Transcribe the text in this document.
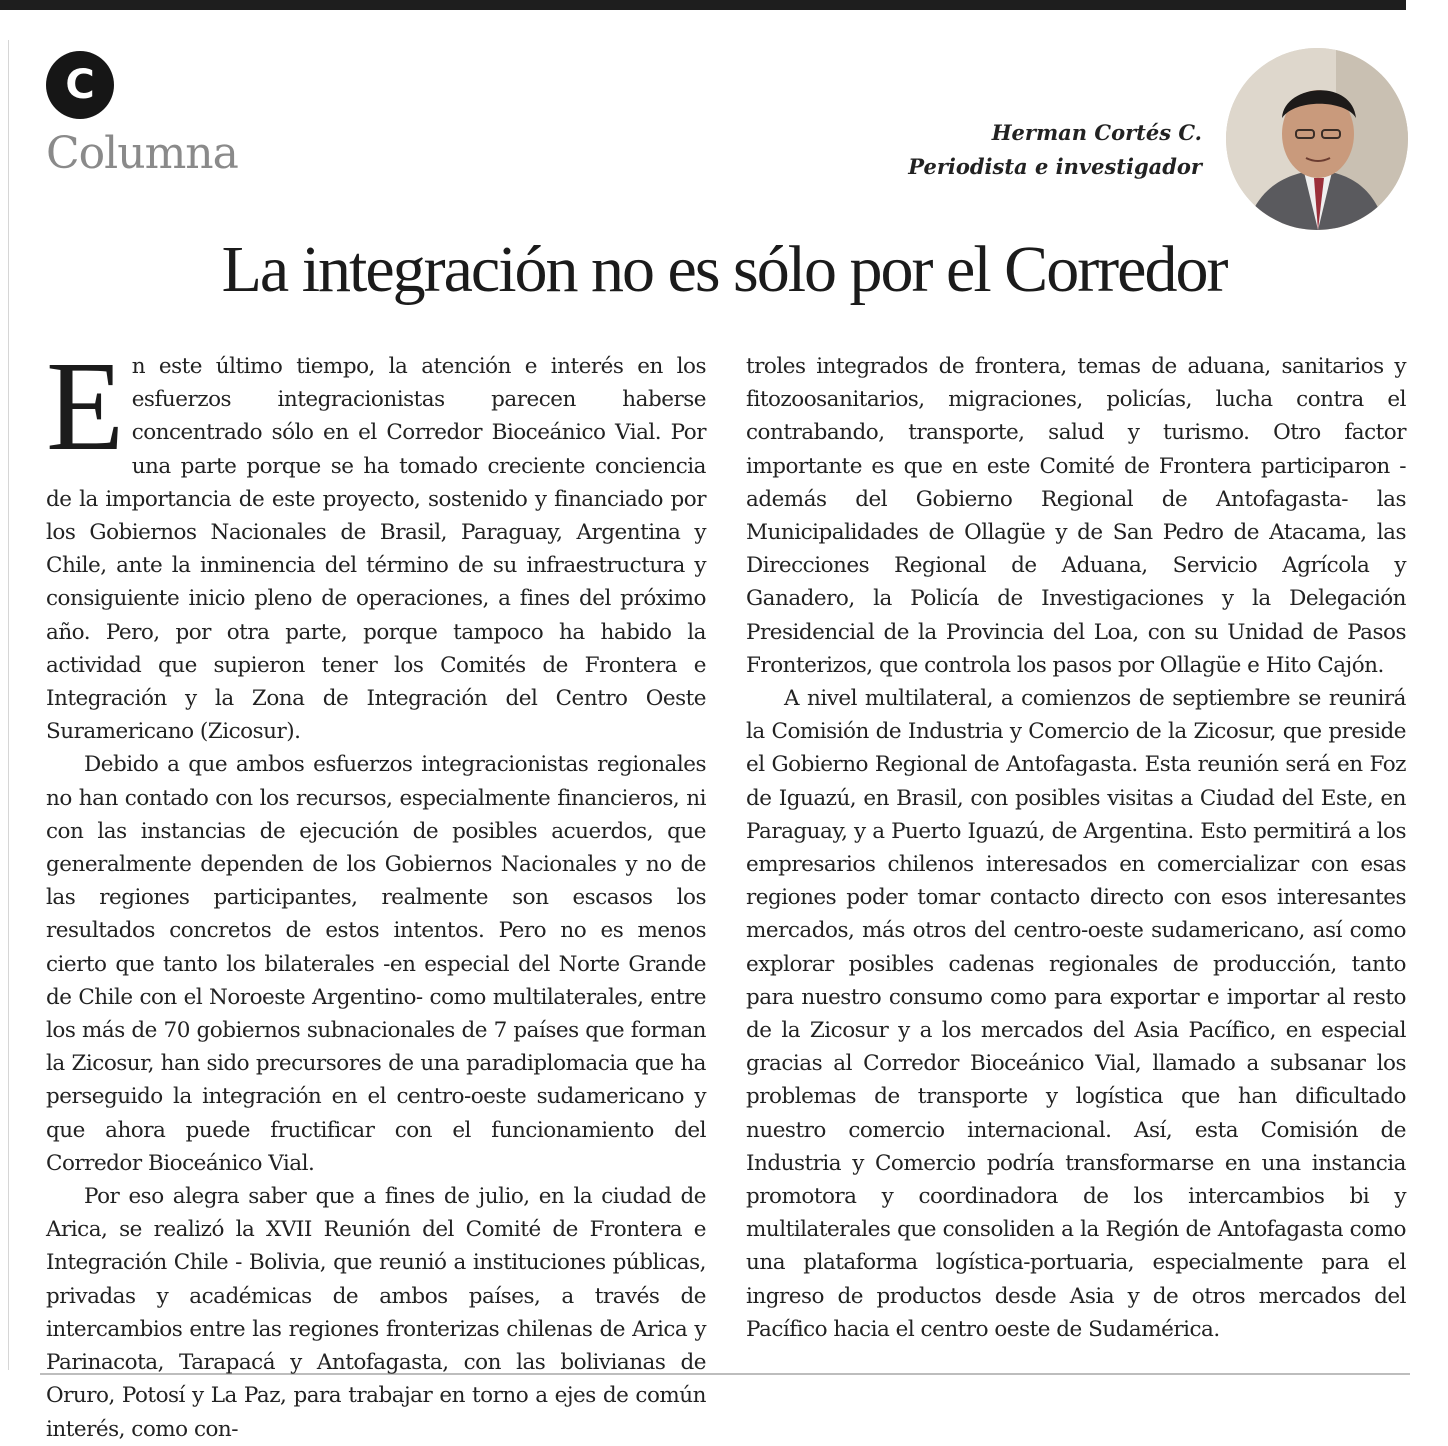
C
Columna	Herman Cortés C.
Periodista e investigador
La integración no es sólo por el Corredor

En este último tiempo, la atención e interés en los esfuerzos integracionistas parecen haberse concentrado sólo en el Corredor Bioceánico Vial. Por una parte porque se ha tomado creciente conciencia de la importancia de este proyecto, sostenido y financiado por los Gobiernos Nacionales de Brasil, Paraguay, Argentina y Chile, ante la inminencia del término de su infraestructura y consiguiente inicio pleno de operaciones, a fines del próximo año. Pero, por otra parte, porque tampoco ha habido la actividad que supieron tener los Comités de Frontera e Integración y la Zona de Integración del Centro Oeste Suramericano (Zicosur).

Debido a que ambos esfuerzos integracionistas regionales no han contado con los recursos, especialmente financieros, ni con las instancias de ejecución de posibles acuerdos, que generalmente dependen de los Gobiernos Nacionales y no de las regiones participantes, realmente son escasos los resultados concretos de estos intentos. Pero no es menos cierto que tanto los bilaterales -en especial del Norte Grande de Chile con el Noroeste Argentino- como multilaterales, entre los más de 70 gobiernos subnacionales de 7 países que forman la Zicosur, han sido precursores de una paradiplomacia que ha perseguido la integración en el centro-oeste sudamericano y que ahora puede fructificar con el funcionamiento del Corredor Bioceánico Vial.

Por eso alegra saber que a fines de julio, en la ciudad de Arica, se realizó la XVII Reunión del Comité de Frontera e Integración Chile - Bolivia, que reunió a instituciones públicas, privadas y académicas de ambos países, a través de intercambios entre las regiones fronterizas chilenas de Arica y Parinacota, Tarapacá y Antofagasta, con las bolivianas de Oruro, Potosí y La Paz, para trabajar en torno a ejes de común interés, como con-

troles integrados de frontera, temas de aduana, sanitarios y fitozoosanitarios, migraciones, policías, lucha contra el contrabando, transporte, salud y turismo. Otro factor importante es que en este Comité de Frontera participaron -además del Gobierno Regional de Antofagasta- las Municipalidades de Ollagüe y de San Pedro de Atacama, las Direcciones Regional de Aduana, Servicio Agrícola y Ganadero, la Policía de Investigaciones y la Delegación Presidencial de la Provincia del Loa, con su Unidad de Pasos Fronterizos, que controla los pasos por Ollagüe e Hito Cajón.

A nivel multilateral, a comienzos de septiembre se reunirá la Comisión de Industria y Comercio de la Zicosur, que preside el Gobierno Regional de Antofagasta. Esta reunión será en Foz de Iguazú, en Brasil, con posibles visitas a Ciudad del Este, en Paraguay, y a Puerto Iguazú, de Argentina. Esto permitirá a los empresarios chilenos interesados en comercializar con esas regiones poder tomar contacto directo con esos interesantes mercados, más otros del centro-oeste sudamericano, así como explorar posibles cadenas regionales de producción, tanto para nuestro consumo como para exportar e importar al resto de la Zicosur y a los mercados del Asia Pacífico, en especial gracias al Corredor Bioceánico Vial, llamado a subsanar los problemas de transporte y logística que han dificultado nuestro comercio internacional. Así, esta Comisión de Industria y Comercio podría transformarse en una instancia promotora y coordinadora de los intercambios bi y multilaterales que consoliden a la Región de Antofagasta como una plataforma logística-portuaria, especialmente para el ingreso de productos desde Asia y de otros mercados del Pacífico hacia el centro oeste de Sudamérica.
